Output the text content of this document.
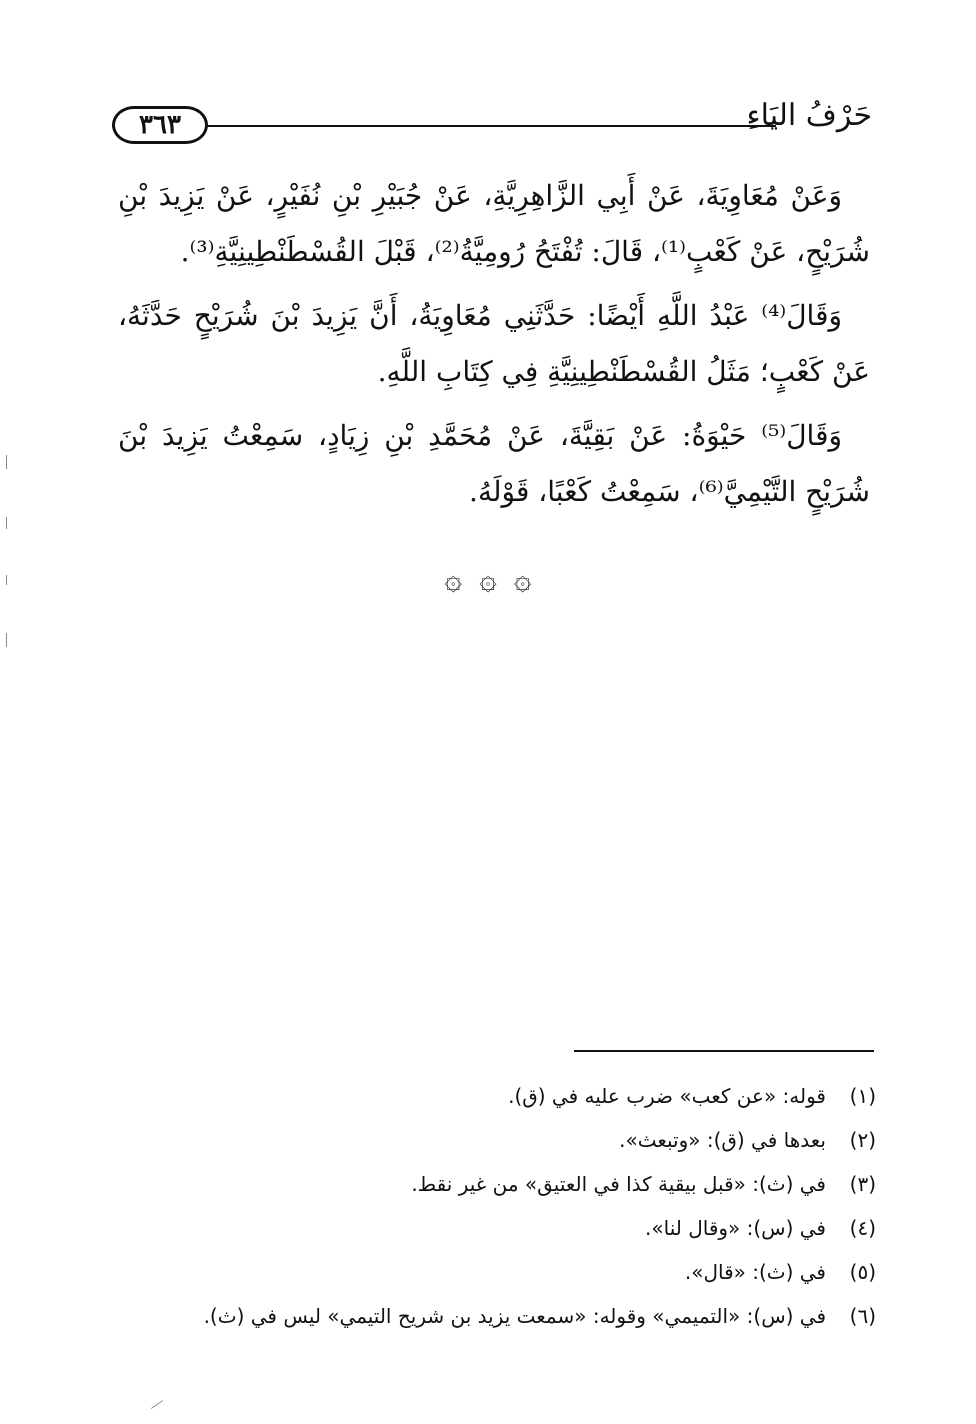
حَرْفُ اليَاءِ
٣٦٣

وَعَنْ مُعَاوِيَةَ، عَنْ أَبِي الزَّاهِرِيَّةِ، عَنْ جُبَيْرِ بْنِ نُفَيْرٍ، عَنْ يَزِيدَ بْنِ شُرَيْحٍ، عَنْ كَعْبٍ⁽¹⁾، قَالَ: تُفْتَحُ رُومِيَّةُ⁽²⁾، قَبْلَ القُسْطَنْطِينِيَّةِ⁽³⁾.

وَقَالَ⁽⁴⁾ عَبْدُ اللَّهِ أَيْضًا: حَدَّثَنِي مُعَاوِيَةُ، أَنَّ يَزِيدَ بْنَ شُرَيْحٍ حَدَّثَهُ، عَنْ كَعْبٍ؛ مَثَلُ القُسْطَنْطِينِيَّةِ فِي كِتَابِ اللَّهِ.

وَقَالَ⁽⁵⁾ حَيْوَةُ: عَنْ بَقِيَّةَ، عَنْ مُحَمَّدِ بْنِ زِيَادٍ، سَمِعْتُ يَزِيدَ بْنَ شُرَيْحٍ التَّيْمِيَّ⁽⁶⁾، سَمِعْتُ كَعْبًا، قَوْلَهُ.

۞ ۞ ۞
(١)قوله: «عن كعب» ضرب عليه في (ق).
(٢)بعدها في (ق): «وتبعث».
(٣)في (ث): «قبل بيقية كذا في العتيق» من غير نقط.
(٤)في (س): «وقال لنا».
(٥)في (ث): «قال».
(٦)في (س): «التميمي» وقوله: «سمعت يزيد بن شريح التيمي» ليس في (ث).
